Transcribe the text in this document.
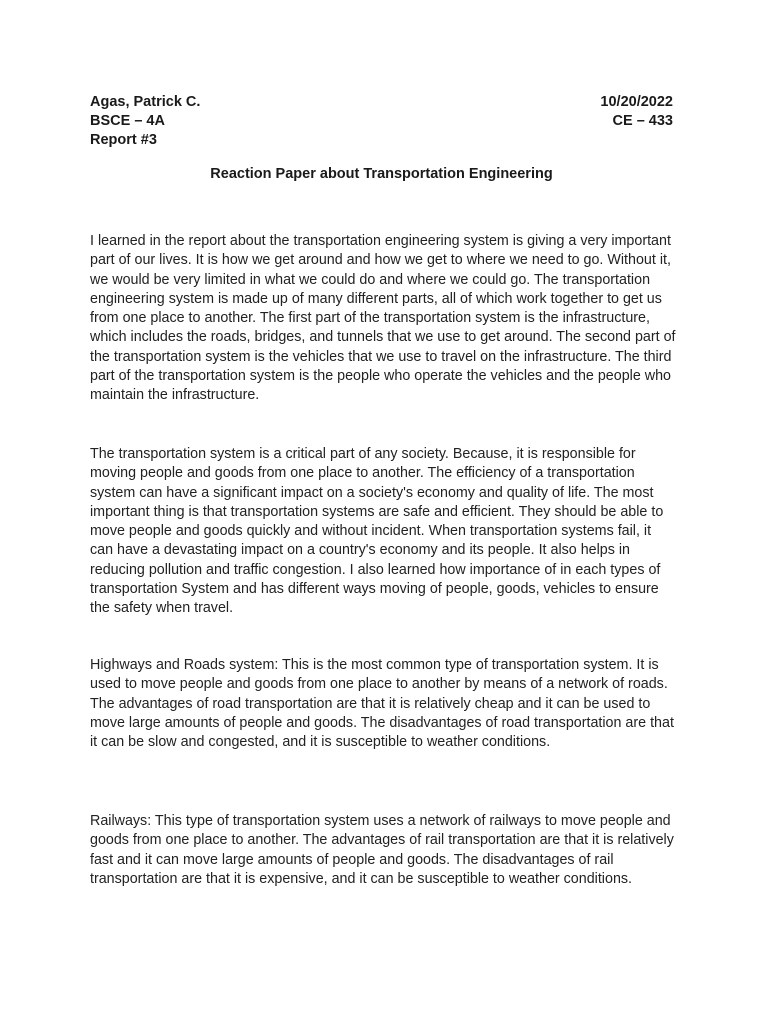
Agas, Patrick C.	10/20/2022
BSCE – 4A	CE – 433
Report #3
Reaction Paper about Transportation Engineering

I learned in the report about the transportation engineering system is giving a very important part of our lives. It is how we get around and how we get to where we need to go. Without it, we would be very limited in what we could do and where we could go. The transportation engineering system is made up of many different parts, all of which work together to get us from one place to another. The first part of the transportation system is the infrastructure, which includes the roads, bridges, and tunnels that we use to get around. The second part of the transportation system is the vehicles that we use to travel on the infrastructure. The third part of the transportation system is the people who operate the vehicles and the people who maintain the infrastructure.

The transportation system is a critical part of any society. Because, it is responsible for moving people and goods from one place to another. The efficiency of a transportation system can have a significant impact on a society's economy and quality of life. The most important thing is that transportation systems are safe and efficient. They should be able to move people and goods quickly and without incident. When transportation systems fail, it can have a devastating impact on a country's economy and its people. It also helps in reducing pollution and traffic congestion. I also learned how importance of in each types of transportation System and has different ways moving of people, goods, vehicles to ensure the safety when travel.

Highways and Roads system: This is the most common type of transportation system. It is used to move people and goods from one place to another by means of a network of roads. The advantages of road transportation are that it is relatively cheap and it can be used to move large amounts of people and goods. The disadvantages of road transportation are that it can be slow and congested, and it is susceptible to weather conditions.

Railways: This type of transportation system uses a network of railways to move people and goods from one place to another. The advantages of rail transportation are that it is relatively fast and it can move large amounts of people and goods. The disadvantages of rail transportation are that it is expensive, and it can be susceptible to weather conditions.
